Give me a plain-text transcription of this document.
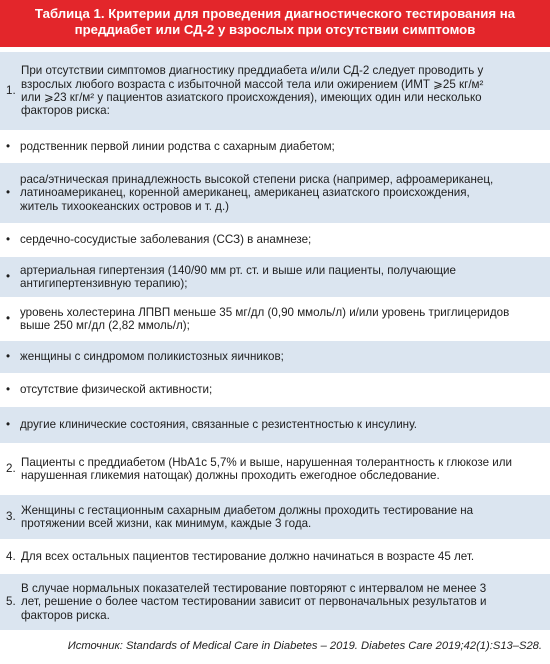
Таблица 1. Критерии для проведения диагностического тестирования на
преддиабет или СД-2 у взрослых при отсутствии симптомов
1.
При отсутствии симптомов диагностику преддиабета и/или СД-2 следует проводить у
взрослых любого возраста с избыточной массой тела или ожирением (ИМТ ⩾25 кг/м²
или ⩾23 кг/м² у пациентов азиатского происхождения), имеющих один или несколько
факторов риска:
• родственник первой линии родства с сахарным диабетом;
•
раса/этническая принадлежность высокой степени риска (например, афроамериканец,
латиноамериканец, коренной американец, американец азиатского происхождения,
житель тихоокеанских островов и т. д.)
• сердечно-сосудистые заболевания (ССЗ) в анамнезе;
•
артериальная гипертензия (140/90 мм рт. ст. и выше или пациенты, получающие
антигипертензивную терапию);
•
уровень холестерина ЛПВП меньше 35 мг/дл (0,90 ммоль/л) и/или уровень триглицеридов
выше 250 мг/дл (2,82 ммоль/л);
• женщины с синдромом поликистозных яичников;
• отсутствие физической активности;
• другие клинические состояния, связанные с резистентностью к инсулину.
2.
Пациенты с преддиабетом (HbA1c 5,7% и выше, нарушенная толерантность к глюкозе или
нарушенная гликемия натощак) должны проходить ежегодное обследование.
3.
Женщины с гестационным сахарным диабетом должны проходить тестирование на
протяжении всей жизни, как минимум, каждые 3 года.
4. Для всех остальных пациентов тестирование должно начинаться в возрасте 45 лет.
5.
В случае нормальных показателей тестирование повторяют с интервалом не менее 3
лет, решение о более частом тестировании зависит от первоначальных результатов и
факторов риска.
Источник: Standards of Medical Care in Diabetes – 2019. Diabetes Care 2019;42(1):S13–S28.
